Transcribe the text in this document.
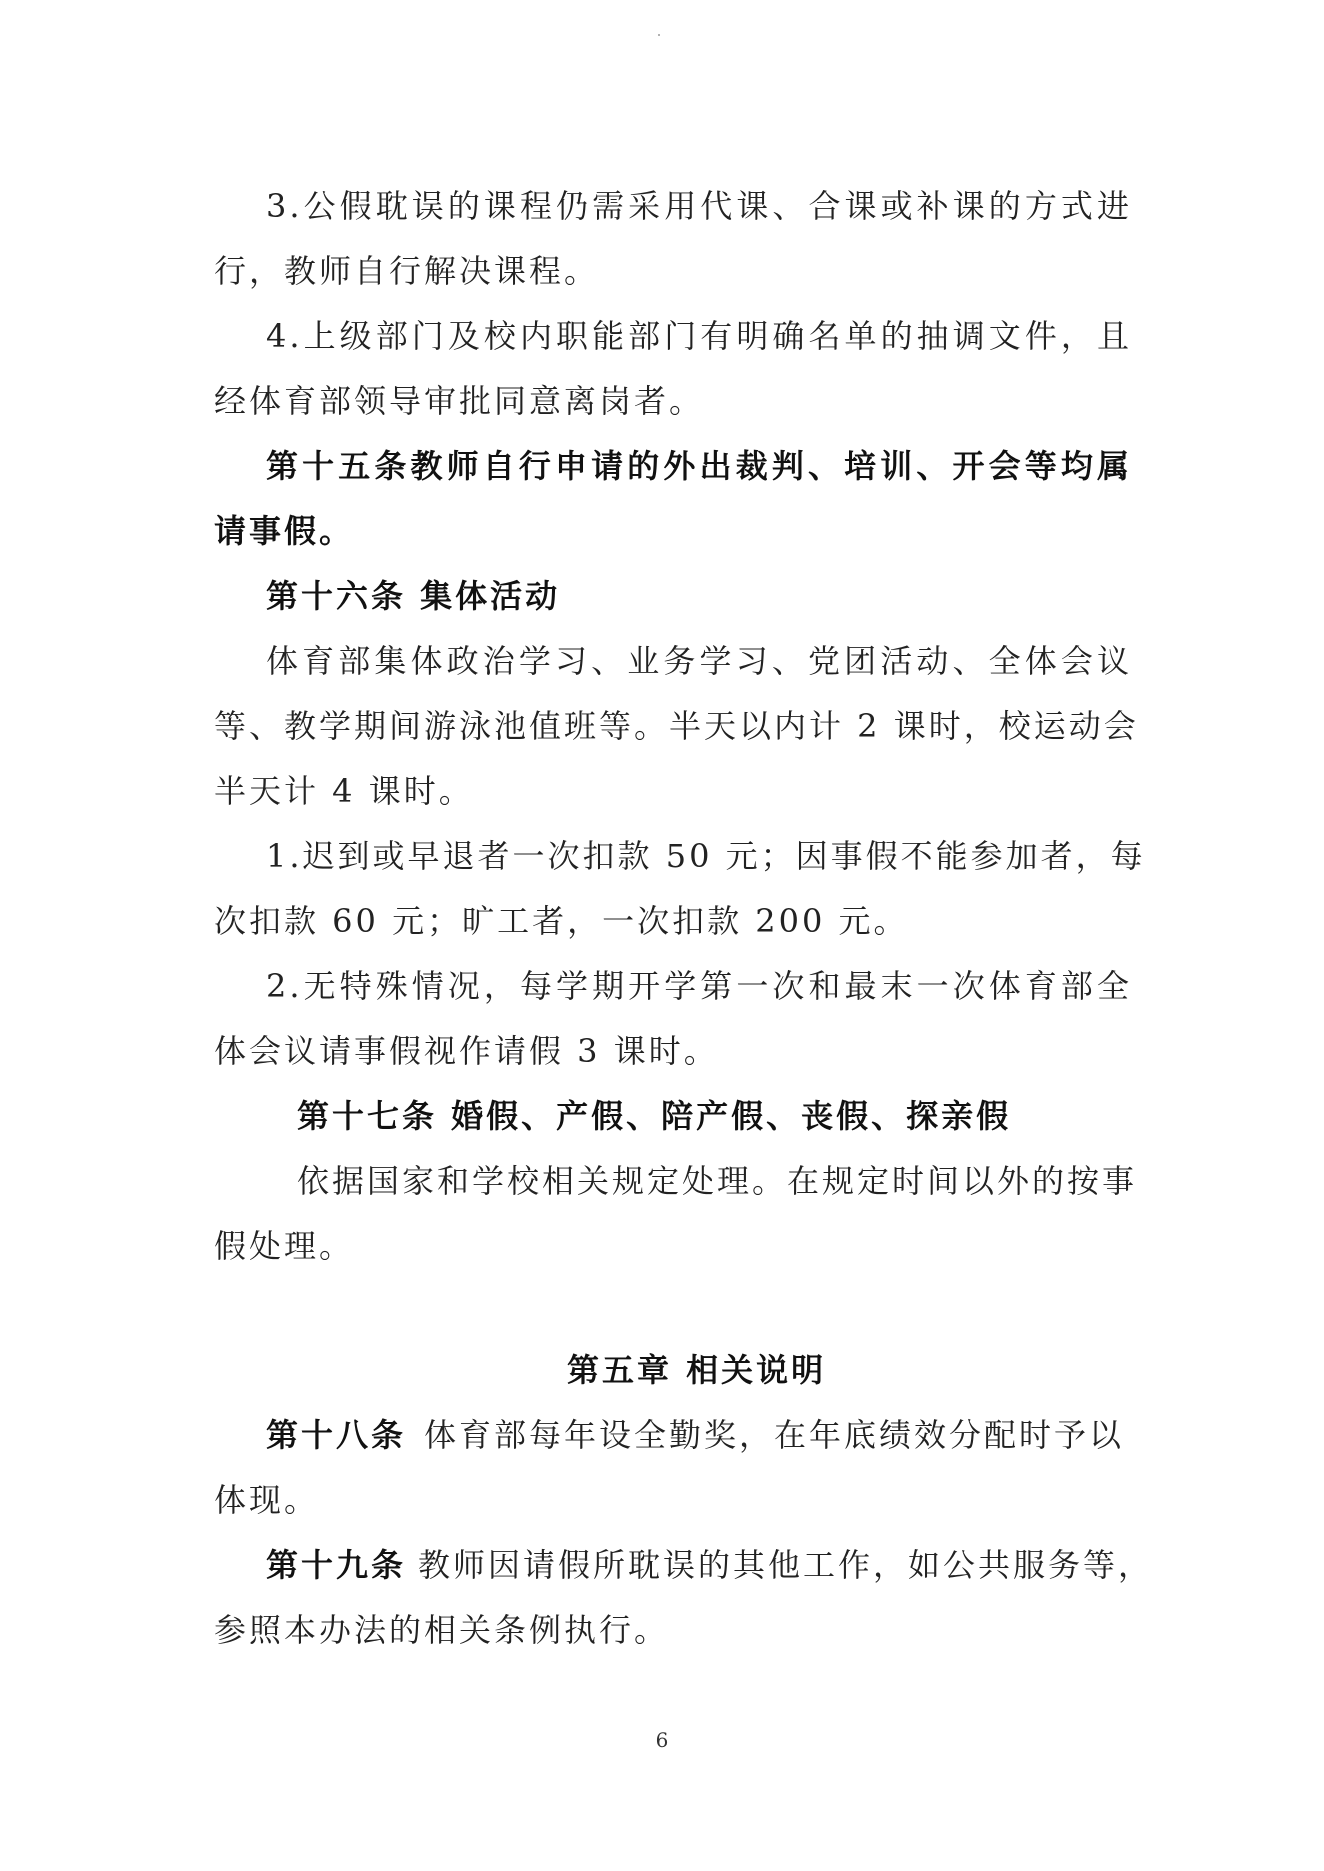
3.公假耽误的课程仍需采用代课、合课或补课的方式进
行，教师自行解决课程。
4.上级部门及校内职能部门有明确名单的抽调文件，且
经体育部领导审批同意离岗者。
第十五条教师自行申请的外出裁判、培训、开会等均属
请事假。
第十六条 集体活动
体育部集体政治学习、业务学习、党团活动、全体会议
等、教学期间游泳池值班等。半天以内计 2 课时，校运动会
半天计 4 课时。
1.迟到或早退者一次扣款 50 元；因事假不能参加者，每
次扣款 60 元；旷工者，一次扣款 200 元。
2.无特殊情况，每学期开学第一次和最末一次体育部全
体会议请事假视作请假 3 课时。
第十七条 婚假、产假、陪产假、丧假、探亲假
依据国家和学校相关规定处理。在规定时间以外的按事
假处理。
第五章 相关说明
第十八条 体育部每年设全勤奖，在年底绩效分配时予以
体现。
第十九条 教师因请假所耽误的其他工作，如公共服务等，
参照本办法的相关条例执行。
6
